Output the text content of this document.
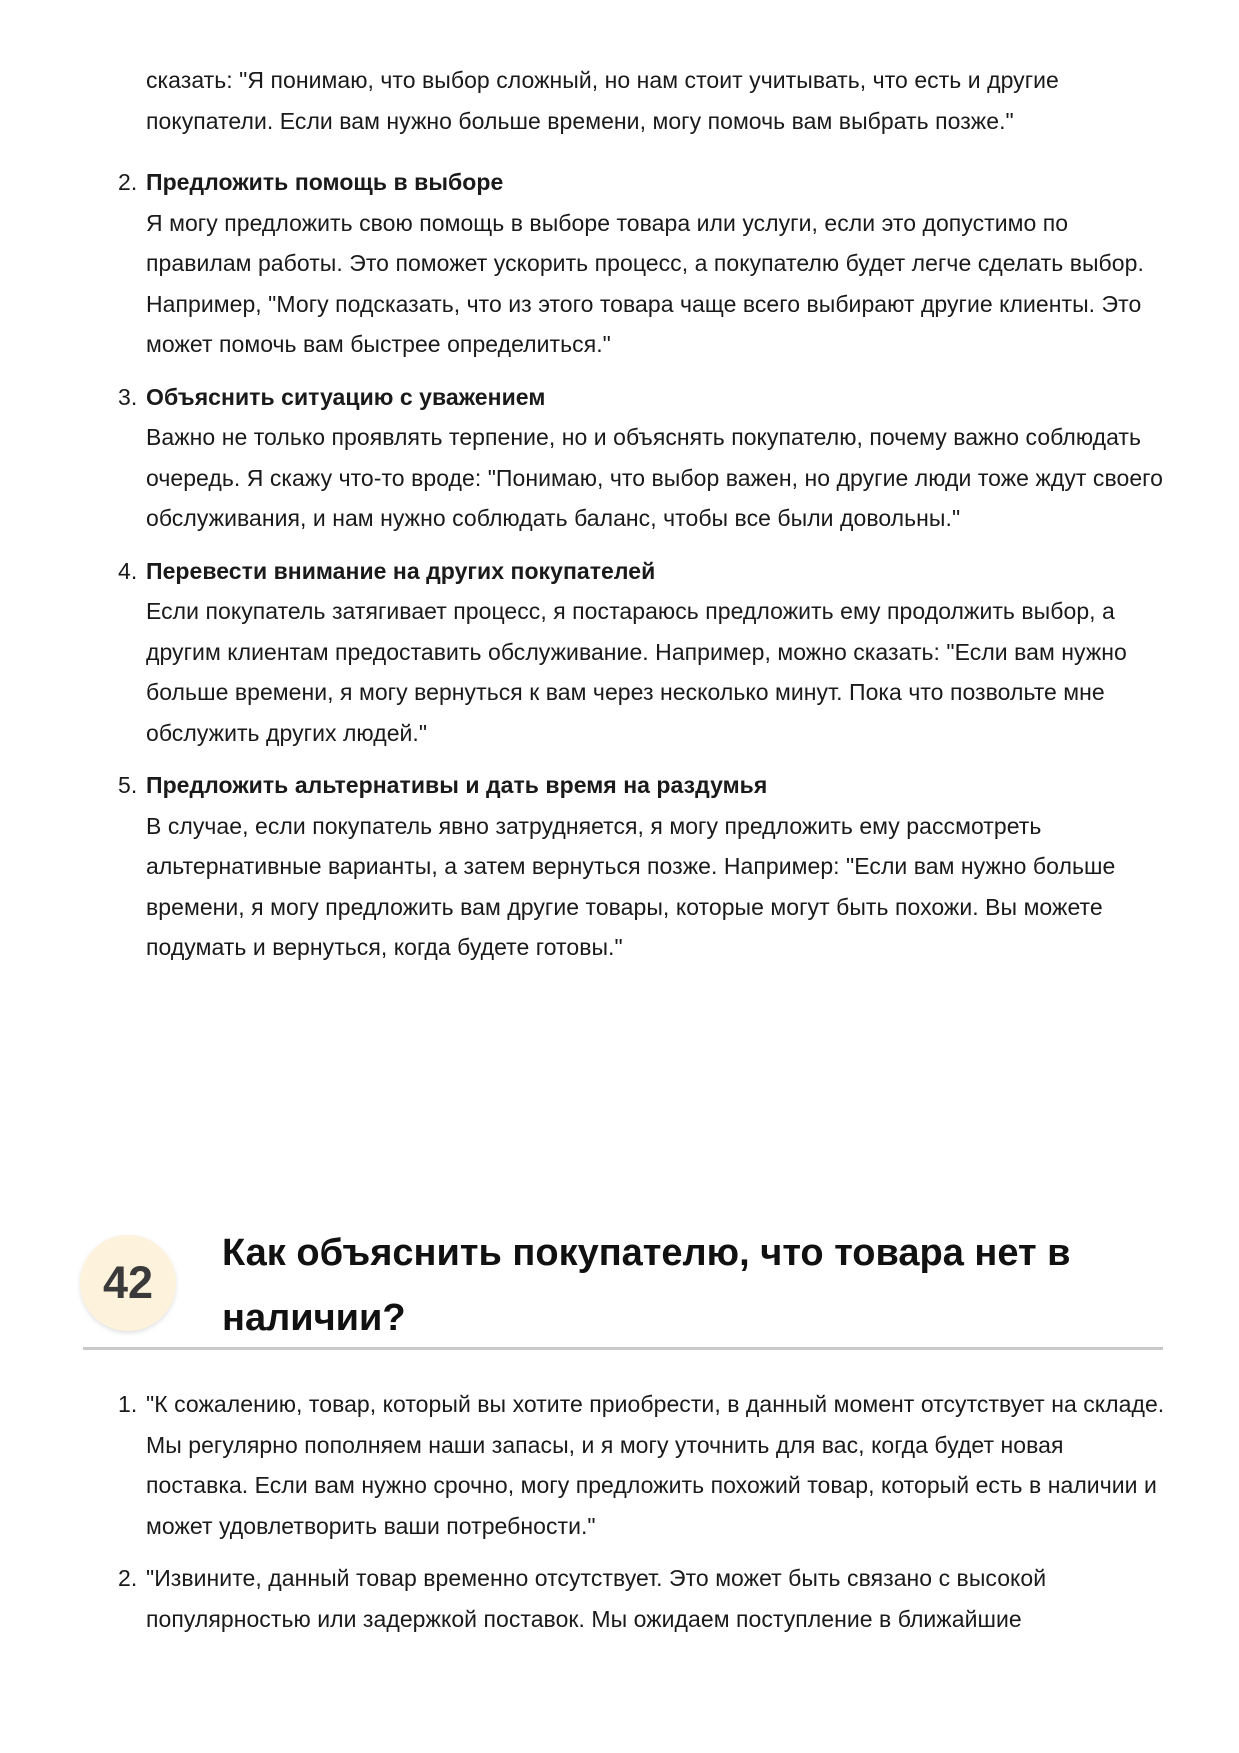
сказать: "Я понимаю, что выбор сложный, но нам стоит учитывать, что есть и другие покупатели. Если вам нужно больше времени, могу помочь вам выбрать позже."
2. Предложить помощь в выборе
Я могу предложить свою помощь в выборе товара или услуги, если это допустимо по правилам работы. Это поможет ускорить процесс, а покупателю будет легче сделать выбор. Например, "Могу подсказать, что из этого товара чаще всего выбирают другие клиенты. Это может помочь вам быстрее определиться."
3. Объяснить ситуацию с уважением
Важно не только проявлять терпение, но и объяснять покупателю, почему важно соблюдать очередь. Я скажу что-то вроде: "Понимаю, что выбор важен, но другие люди тоже ждут своего обслуживания, и нам нужно соблюдать баланс, чтобы все были довольны."
4. Перевести внимание на других покупателей
Если покупатель затягивает процесс, я постараюсь предложить ему продолжить выбор, а другим клиентам предоставить обслуживание. Например, можно сказать: "Если вам нужно больше времени, я могу вернуться к вам через несколько минут. Пока что позвольте мне обслужить других людей."
5. Предложить альтернативы и дать время на раздумья
В случае, если покупатель явно затрудняется, я могу предложить ему рассмотреть альтернативные варианты, а затем вернуться позже. Например: "Если вам нужно больше времени, я могу предложить вам другие товары, которые могут быть похожи. Вы можете подумать и вернуться, когда будете готовы."
42
Как объяснить покупателю, что товара нет в наличии?
1. "К сожалению, товар, который вы хотите приобрести, в данный момент отсутствует на складе. Мы регулярно пополняем наши запасы, и я могу уточнить для вас, когда будет новая поставка. Если вам нужно срочно, могу предложить похожий товар, который есть в наличии и может удовлетворить ваши потребности."
2. "Извините, данный товар временно отсутствует. Это может быть связано с высокой популярностью или задержкой поставок. Мы ожидаем поступление в ближайшие
